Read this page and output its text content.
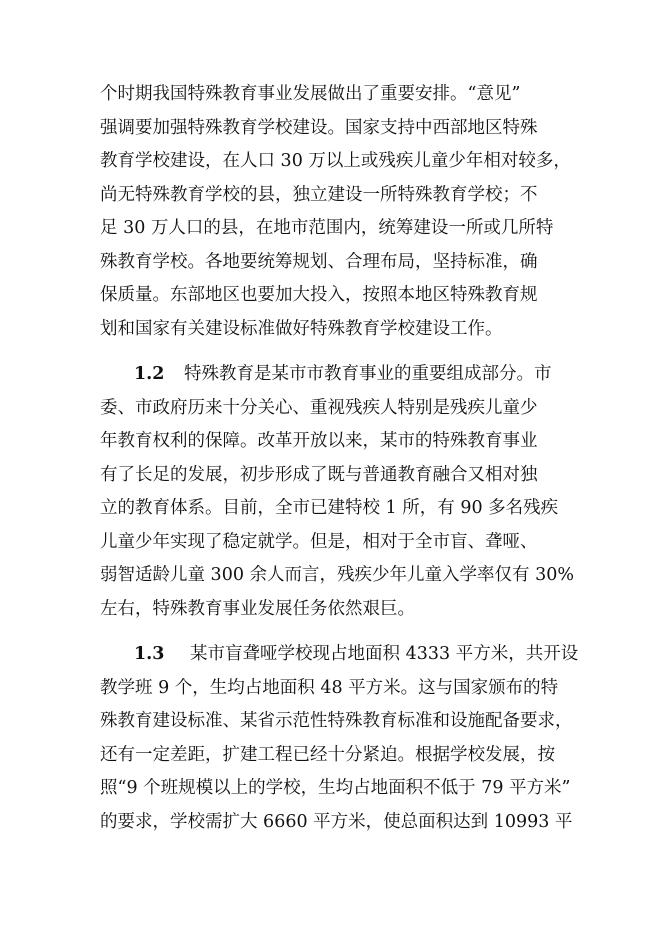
个时期我国特殊教育事业发展做出了重要安排。“意见”
强调要加强特殊教育学校建设。国家支持中西部地区特殊
教育学校建设，在人口 30 万以上或残疾儿童少年相对较多，
尚无特殊教育学校的县，独立建设一所特殊教育学校；不
足 30 万人口的县，在地市范围内，统筹建设一所或几所特
殊教育学校。各地要统筹规划、合理布局，坚持标准，确
保质量。东部地区也要加大投入，按照本地区特殊教育规
划和国家有关建设标准做好特殊教育学校建设工作。
1.2 特殊教育是某市市教育事业的重要组成部分。市
委、市政府历来十分关心、重视残疾人特别是残疾儿童少
年教育权利的保障。改革开放以来，某市的特殊教育事业
有了长足的发展，初步形成了既与普通教育融合又相对独
立的教育体系。目前，全市已建特校 1 所，有 90 多名残疾
儿童少年实现了稳定就学。但是，相对于全市盲、聋哑、
弱智适龄儿童 300 余人而言，残疾少年儿童入学率仅有 30%
左右，特殊教育事业发展任务依然艰巨。
1.3 某市盲聋哑学校现占地面积 4333 平方米，共开设
教学班 9 个，生均占地面积 48 平方米。这与国家颁布的特
殊教育建设标准、某省示范性特殊教育标准和设施配备要求，
还有一定差距，扩建工程已经十分紧迫。根据学校发展，按
照“9 个班规模以上的学校，生均占地面积不低于 79 平方米”
的要求，学校需扩大 6660 平方米，使总面积达到 10993 平
